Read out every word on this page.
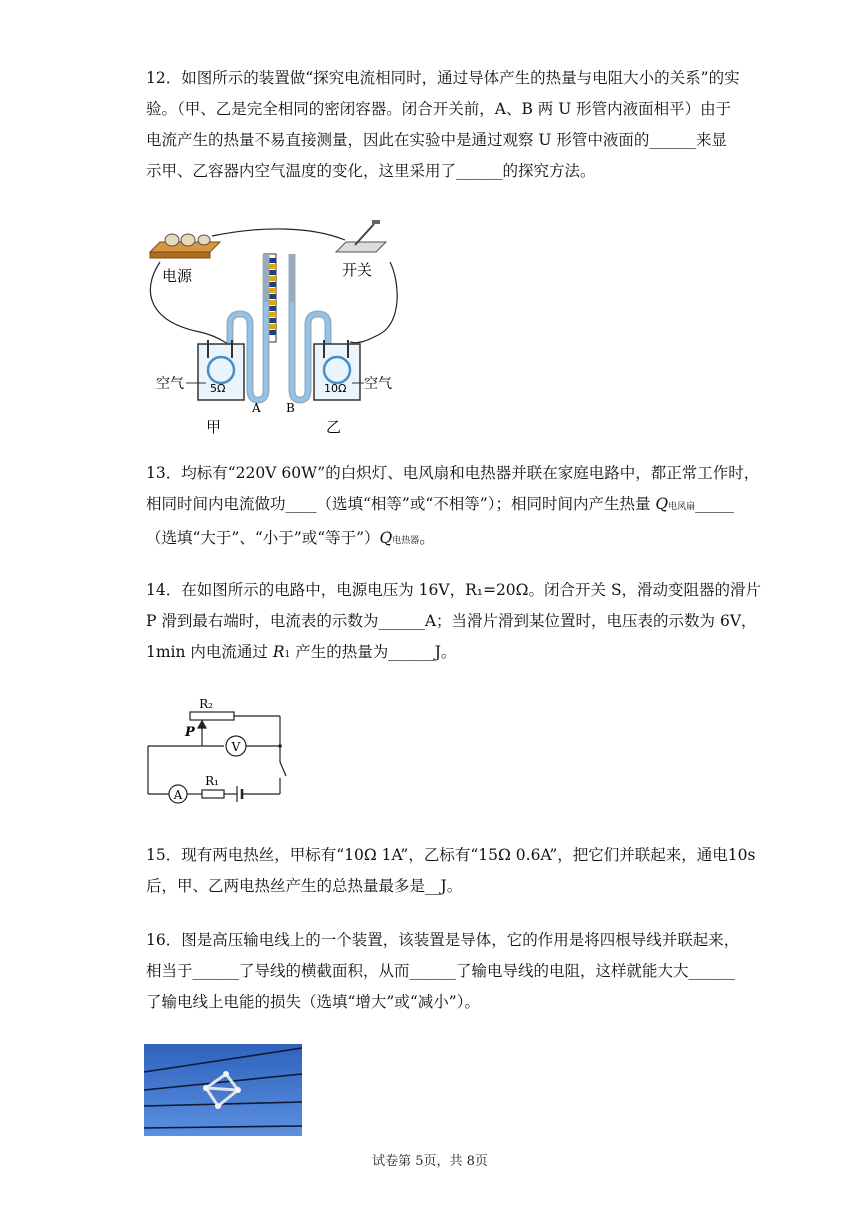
12．如图所示的装置做“探究电流相同时，通过导体产生的热量与电阻大小的关系”的实
验。（甲、乙是完全相同的密闭容器。闭合开关前，A、B 两 U 形管内液面相平）由于
电流产生的热量不易直接测量，因此在实验中是通过观察 U 形管中液面的______来显
示甲、乙容器内空气温度的变化，这里采用了______的探究方法。
电源	开关
5Ω	10Ω
空气	空气
A B
甲	乙
13．均标有“220V 60W”的白炽灯、电风扇和电热器并联在家庭电路中，都正常工作时，
相同时间内电流做功____（选填“相等”或“不相等”）；相同时间内产生热量 Q电风扇_____
（选填“大于”、“小于”或“等于”）Q电热器。
14．在如图所示的电路中，电源电压为 16V，R₁=20Ω。闭合开关 S，滑动变阻器的滑片
P 滑到最右端时，电流表的示数为______A；当滑片滑到某位置时，电压表的示数为 6V，
1min 内电流通过 R1 产生的热量为______J。
R₂
P
V
A
R₁
15．现有两电热丝，甲标有“10Ω 1A”，乙标有“15Ω 0.6A”，把它们并联起来，通电10s
后，甲、乙两电热丝产生的总热量最多是__J。
16．图是高压输电线上的一个装置，该装置是导体，它的作用是将四根导线并联起来，
相当于______了导线的横截面积，从而______了输电导线的电阻，这样就能大大______
了输电线上电能的损失（选填“增大”或“减小”）。
试卷第 5页，共 8页
